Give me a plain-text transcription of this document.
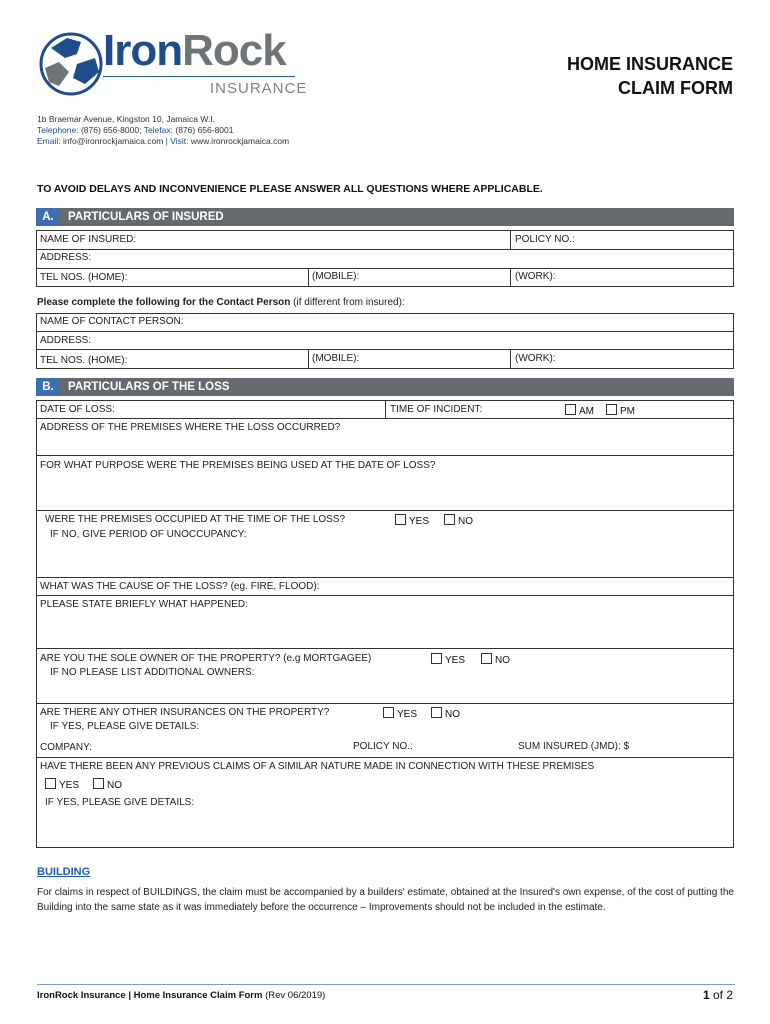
IronRock
INSURANCE
1b Braemar Avenue, Kingston 10, Jamaica W.I.
Telephone: (876) 656-8000; Telefax: (876) 656-8001
Email: info@ironrockjamaica.com | Visit: www.ironrockjamaica.com
HOME INSURANCE
CLAIM FORM
TO AVOID DELAYS AND INCONVENIENCE PLEASE ANSWER ALL QUESTIONS WHERE APPLICABLE.
A.	PARTICULARS OF INSURED
NAME OF INSURED:	POLICY NO.:
ADDRESS:
TEL NOS. (HOME):	(MOBILE):	(WORK):
Please complete the following for the Contact Person (if different from insured):
NAME OF CONTACT PERSON:
ADDRESS:
TEL NOS. (HOME):	(MOBILE):	(WORK):
B.	PARTICULARS OF THE LOSS
DATE OF LOSS:	TIME OF INCIDENT:	AM	PM
ADDRESS OF THE PREMISES WHERE THE LOSS OCCURRED?
FOR WHAT PURPOSE WERE THE PREMISES BEING USED AT THE DATE OF LOSS?
WERE THE PREMISES OCCUPIED AT THE TIME OF THE LOSS?	YES	NO
IF NO, GIVE PERIOD OF UNOCCUPANCY:
WHAT WAS THE CAUSE OF THE LOSS? (eg. FIRE, FLOOD):
PLEASE STATE BRIEFLY WHAT HAPPENED:
ARE YOU THE SOLE OWNER OF THE PROPERTY? (e.g MORTGAGEE)	YES	NO
IF NO PLEASE LIST ADDITIONAL OWNERS:
ARE THERE ANY OTHER INSURANCES ON THE PROPERTY?	YES	NO
IF YES, PLEASE GIVE DETAILS:
COMPANY:	POLICY NO.:	SUM INSURED (JMD): $
HAVE THERE BEEN ANY PREVIOUS CLAIMS OF A SIMILAR NATURE MADE IN CONNECTION WITH THESE PREMISES
YES	NO
IF YES, PLEASE GIVE DETAILS:
BUILDING
For claims in respect of BUILDINGS, the claim must be accompanied by a builders' estimate, obtained at the Insured's own expense, of the cost of putting the Building into the same state as it was immediately before the occurrence – Improvements should not be included in the estimate.
IronRock Insurance | Home Insurance Claim Form (Rev 06/2019)	1 of 2
